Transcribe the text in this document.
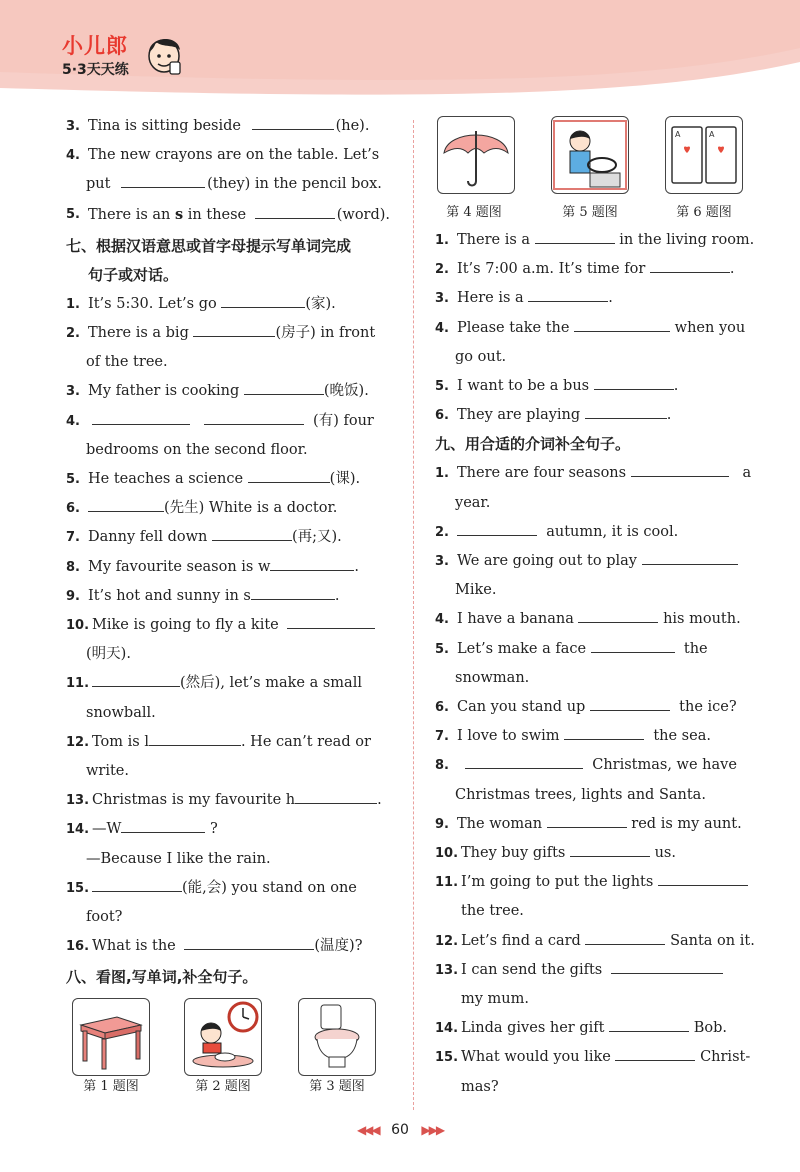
小儿郎
5·3天天练
3. Tina is sitting beside	(he).
4. The new crayons are on the table. Let’s
put	(they) in the pencil box.
5. There is an s in these	(word).
七、根据汉语意思或首字母提示写单词完成
句子或对话。
1. It’s 5:30. Let’s go	(家).
2. There is a big	(房子) in front
of the tree.
3. My father is cooking	(晚饭).
4.	(有) four
bedrooms on the second floor.
5. He teaches a science	(课).
6.	(先生) White is a doctor.
7. Danny fell down	(再;又).
8. My favourite season is w	.
9. It’s hot and sunny in s	.
10. Mike is going to fly a kite
(明天).
11.	(然后), let’s make a small
snowball.
12. Tom is l	. He can’t read or
write.
13. Christmas is my favourite h	.
14. —W	?
—Because I like the rain.
15.	(能,会) you stand on one
foot?
16. What is the	(温度)?
八、看图,写单词,补全句子。
第 1 题图	第 2 题图	第 3 题图
第 4 题图	第 5 题图
A	A
第 6 题图
1. There is a	in the living room.
2. It’s 7:00 a.m. It’s time for	.
3. Here is a	.
4. Please take the	when you
go out.
5. I want to be a bus	.
6. They are playing	.
九、用合适的介词补全句子。
1. There are four seasons	a
year.
2.	autumn, it is cool.
3. We are going out to play
Mike.
4. I have a banana	his mouth.
5. Let’s make a face	the
snowman.
6. Can you stand up	the ice?
7. I love to swim	the sea.
8.	Christmas, we have
Christmas trees, lights and Santa.
9. The woman	red is my aunt.
10. They buy gifts	us.
11. I’m going to put the lights
the tree.
12. Let’s find a card	Santa on it.
13. I can send the gifts
my mum.
14. Linda gives her gift	Bob.
15. What would you like	Christ-
mas?
◀◀◀ 60 ▶▶▶
